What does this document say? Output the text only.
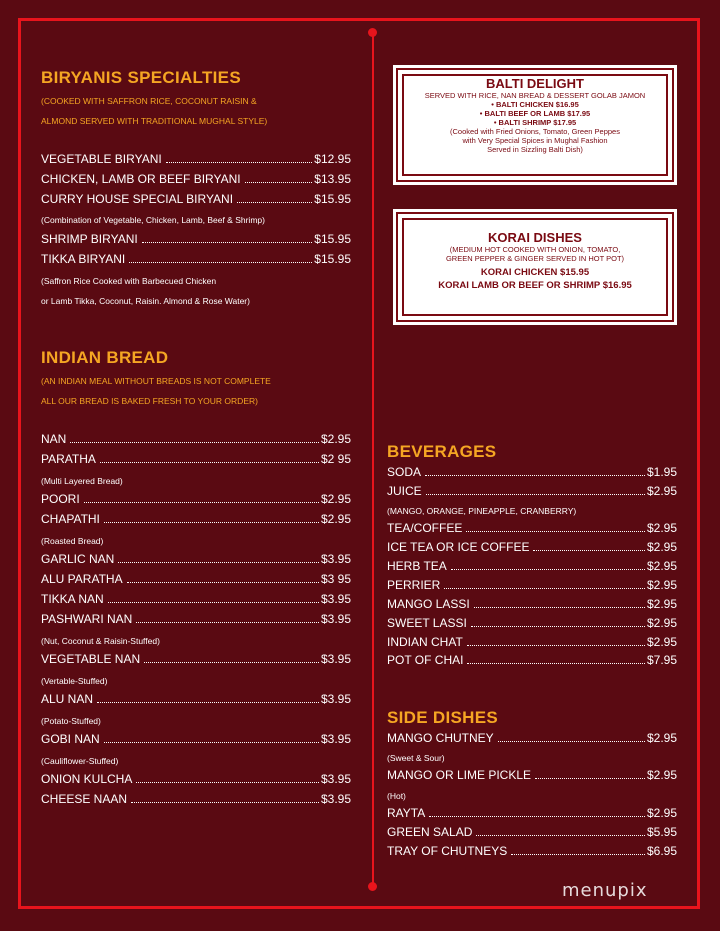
BIRYANIS SPECIALTIES
(COOKED WITH SAFFRON RICE, COCONUT RAISIN &
ALMOND SERVED WITH TRADITIONAL MUGHAL STYLE)
VEGETABLE BIRYANI	$12.95
CHICKEN, LAMB OR BEEF BIRYANI	$13.95
CURRY HOUSE SPECIAL BIRYANI	$15.95
(Combination of Vegetable, Chicken, Lamb, Beef & Shrimp)
SHRIMP BIRYANI	$15.95
TIKKA BIRYANI	$15.95
(Saffron Rice Cooked with Barbecued Chicken
or Lamb Tikka, Coconut, Raisin. Almond & Rose Water)
INDIAN BREAD
(AN INDIAN MEAL WITHOUT BREADS IS NOT COMPLETE
ALL OUR BREAD IS BAKED FRESH TO YOUR ORDER)
NAN	$2.95
PARATHA	$2 95
(Multi Layered Bread)
POORI	$2.95
CHAPATHI	$2.95
(Roasted Bread)
GARLIC NAN	$3.95
ALU PARATHA	$3 95
TIKKA NAN	$3.95
PASHWARI NAN	$3.95
(Nut, Coconut & Raisin-Stuffed)
VEGETABLE NAN	$3.95
(Vertable-Stuffed)
ALU NAN	$3.95
(Potato-Stuffed)
GOBI NAN	$3.95
(Cauliflower-Stuffed)
ONION KULCHA	$3.95
CHEESE NAAN	$3.95
BALTI DELIGHT
SERVED WITH RICE, NAN BREAD & DESSERT GOLAB JAMON
• BALTI CHICKEN $16.95
• BALTI BEEF OR LAMB $17.95
• BALTI SHRIMP $17.95
(Cooked with Fried Onions, Tomato, Green Peppes
with Very Special Spices in Mughal Fashion
Served in Sizzling Balti Dish)
KORAI DISHES
(MEDIUM HOT COOKED WITH ONION, TOMATO,
GREEN PEPPER & GINGER SERVED IN HOT POT)
KORAI CHICKEN $15.95
KORAI LAMB OR BEEF OR SHRIMP $16.95
BEVERAGES
SODA	$1.95
JUICE	$2.95
(MANGO, ORANGE, PINEAPPLE, CRANBERRY)
TEA/COFFEE	$2.95
ICE TEA OR ICE COFFEE	$2.95
HERB TEA	$2.95
PERRIER	$2.95
MANGO LASSI	$2.95
SWEET LASSI	$2.95
INDIAN CHAT	$2.95
POT OF CHAI	$7.95
SIDE DISHES
MANGO CHUTNEY	$2.95
(Sweet & Sour)
MANGO OR LIME PICKLE	$2.95
(Hot)
RAYTA	$2.95
GREEN SALAD	$5.95
TRAY OF CHUTNEYS	$6.95
menupix
